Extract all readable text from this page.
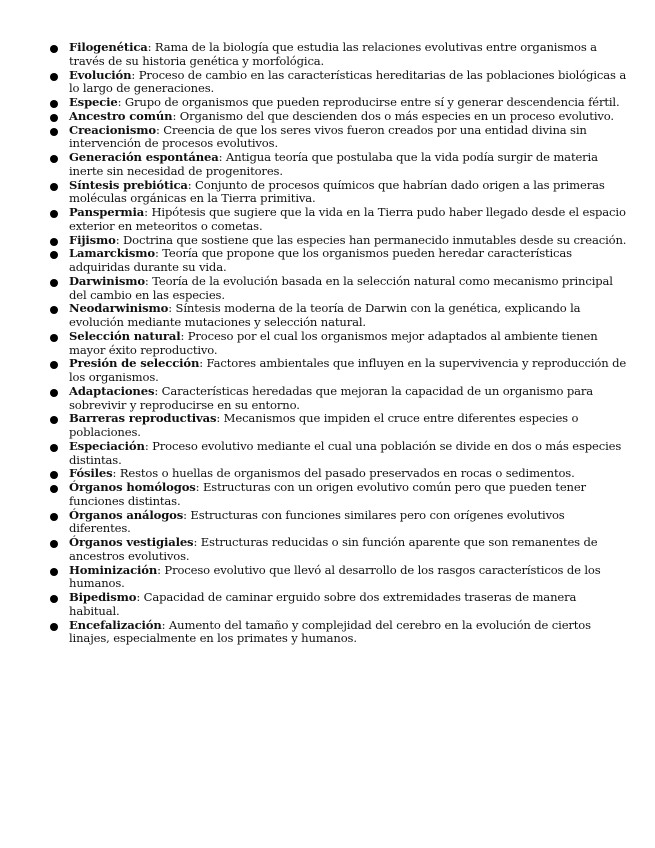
Filogenética: Rama de la biología que estudia las relaciones evolutivas entre organismos a través de su historia genética y morfológica.
Evolución: Proceso de cambio en las características hereditarias de las poblaciones biológicas a lo largo de generaciones.
Especie: Grupo de organismos que pueden reproducirse entre sí y generar descendencia fértil.
Ancestro común: Organismo del que descienden dos o más especies en un proceso evolutivo.
Creacionismo: Creencia de que los seres vivos fueron creados por una entidad divina sin intervención de procesos evolutivos.
Generación espontánea: Antigua teoría que postulaba que la vida podía surgir de materia inerte sin necesidad de progenitores.
Síntesis prebiótica: Conjunto de procesos químicos que habrían dado origen a las primeras moléculas orgánicas en la Tierra primitiva.
Panspermia: Hipótesis que sugiere que la vida en la Tierra pudo haber llegado desde el espacio exterior en meteoritos o cometas.
Fijismo: Doctrina que sostiene que las especies han permanecido inmutables desde su creación.
Lamarckismo: Teoría que propone que los organismos pueden heredar características adquiridas durante su vida.
Darwinismo: Teoría de la evolución basada en la selección natural como mecanismo principal del cambio en las especies.
Neodarwinismo: Síntesis moderna de la teoría de Darwin con la genética, explicando la evolución mediante mutaciones y selección natural.
Selección natural: Proceso por el cual los organismos mejor adaptados al ambiente tienen mayor éxito reproductivo.
Presión de selección: Factores ambientales que influyen en la supervivencia y reproducción de los organismos.
Adaptaciones: Características heredadas que mejoran la capacidad de un organismo para sobrevivir y reproducirse en su entorno.
Barreras reproductivas: Mecanismos que impiden el cruce entre diferentes especies o poblaciones.
Especiación: Proceso evolutivo mediante el cual una población se divide en dos o más especies distintas.
Fósiles: Restos o huellas de organismos del pasado preservados en rocas o sedimentos.
Órganos homólogos: Estructuras con un origen evolutivo común pero que pueden tener funciones distintas.
Órganos análogos: Estructuras con funciones similares pero con orígenes evolutivos diferentes.
Órganos vestigiales: Estructuras reducidas o sin función aparente que son remanentes de ancestros evolutivos.
Hominización: Proceso evolutivo que llevó al desarrollo de los rasgos característicos de los humanos.
Bipedismo: Capacidad de caminar erguido sobre dos extremidades traseras de manera habitual.
Encefalización: Aumento del tamaño y complejidad del cerebro en la evolución de ciertos linajes, especialmente en los primates y humanos.
